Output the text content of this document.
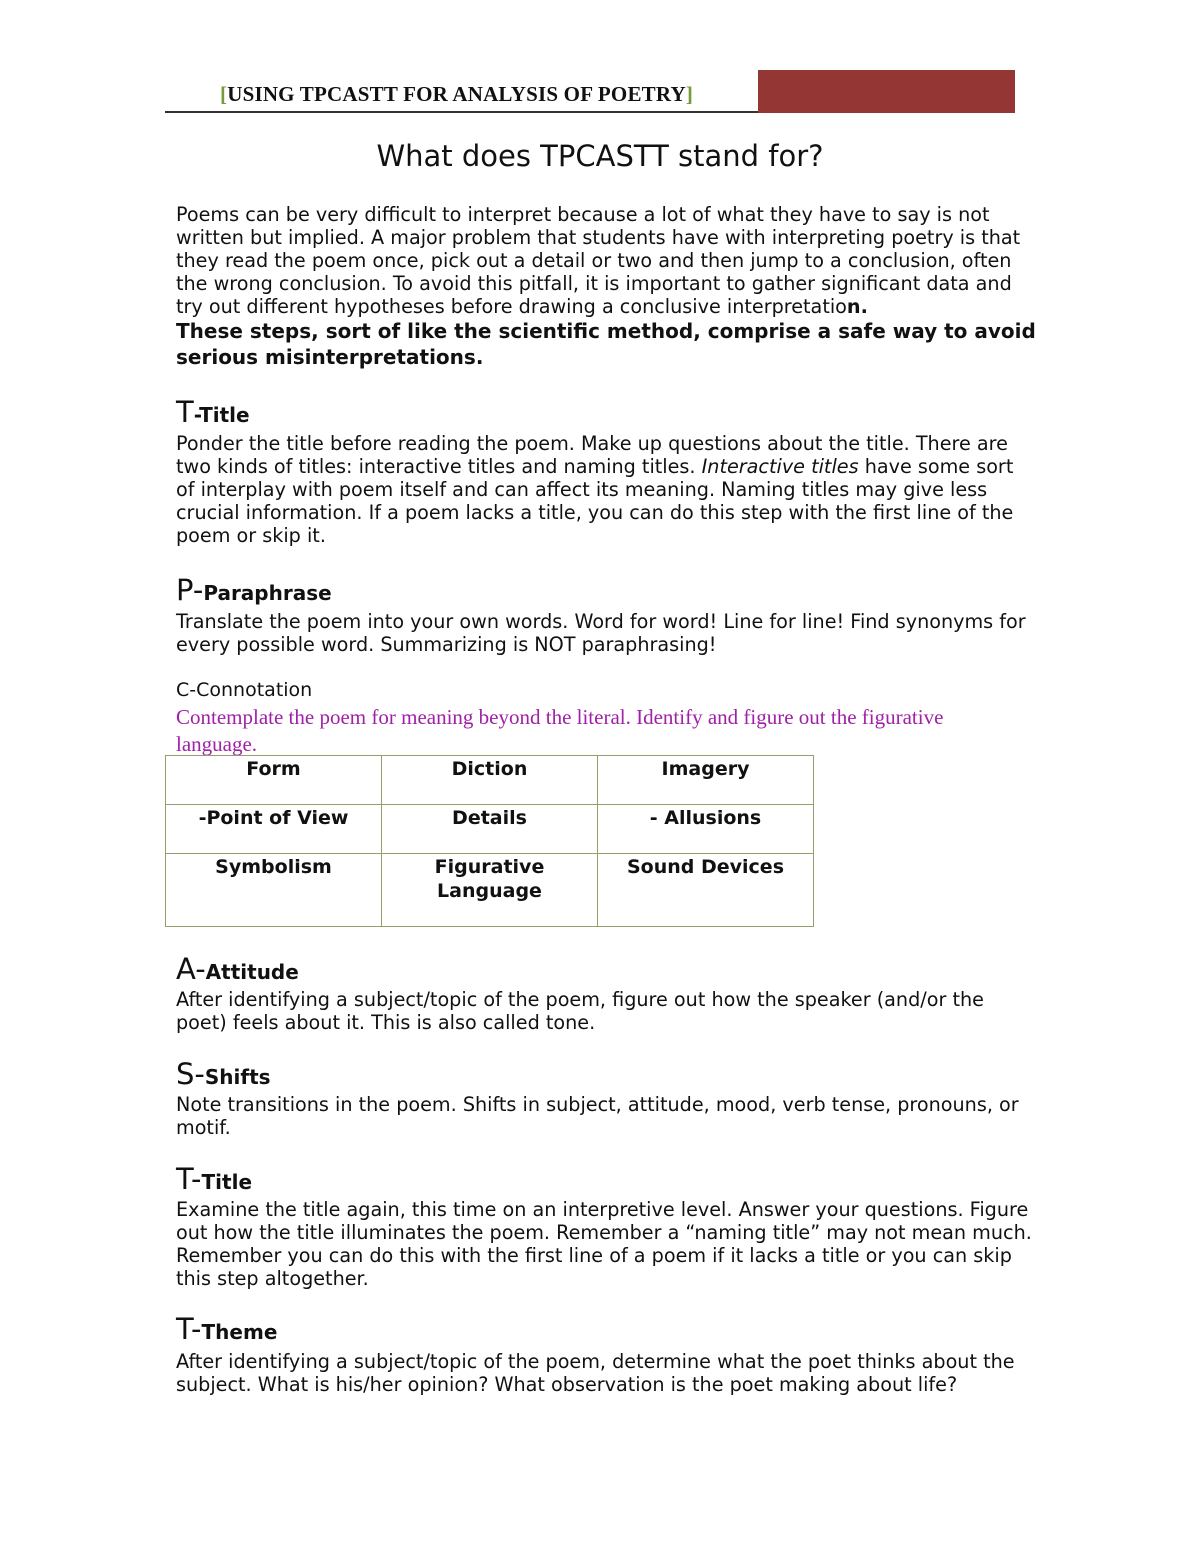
[USING TPCASTT FOR ANALYSIS OF POETRY]
What does TPCASTT stand for?
Poems can be very difficult to interpret because a lot of what they have to say is not written but implied. A major problem that students have with interpreting poetry is that they read the poem once, pick out a detail or two and then jump to a conclusion, often the wrong conclusion. To avoid this pitfall, it is important to gather significant data and try out different hypotheses before drawing a conclusive interpretation.
These steps, sort of like the scientific method, comprise a safe way to avoid serious misinterpretations.
T-Title
Ponder the title before reading the poem. Make up questions about the title. There are two kinds of titles: interactive titles and naming titles. Interactive titles have some sort of interplay with poem itself and can affect its meaning. Naming titles may give less crucial information. If a poem lacks a title, you can do this step with the first line of the poem or skip it.
P-Paraphrase
Translate the poem into your own words. Word for word! Line for line! Find synonyms for every possible word. Summarizing is NOT paraphrasing!
C-Connotation
Contemplate the poem for meaning beyond the literal. Identify and figure out the figurative language.
Form	Diction	Imagery
-Point of View	Details	- Allusions
Symbolism	Figurative Language	Sound Devices
A-Attitude
After identifying a subject/topic of the poem, figure out how the speaker (and/or the poet) feels about it. This is also called tone.
S-Shifts
Note transitions in the poem. Shifts in subject, attitude, mood, verb tense, pronouns, or motif.
T-Title
Examine the title again, this time on an interpretive level. Answer your questions. Figure out how the title illuminates the poem. Remember a “naming title” may not mean much. Remember you can do this with the first line of a poem if it lacks a title or you can skip this step altogether.
T-Theme
After identifying a subject/topic of the poem, determine what the poet thinks about the subject. What is his/her opinion? What observation is the poet making about life?
